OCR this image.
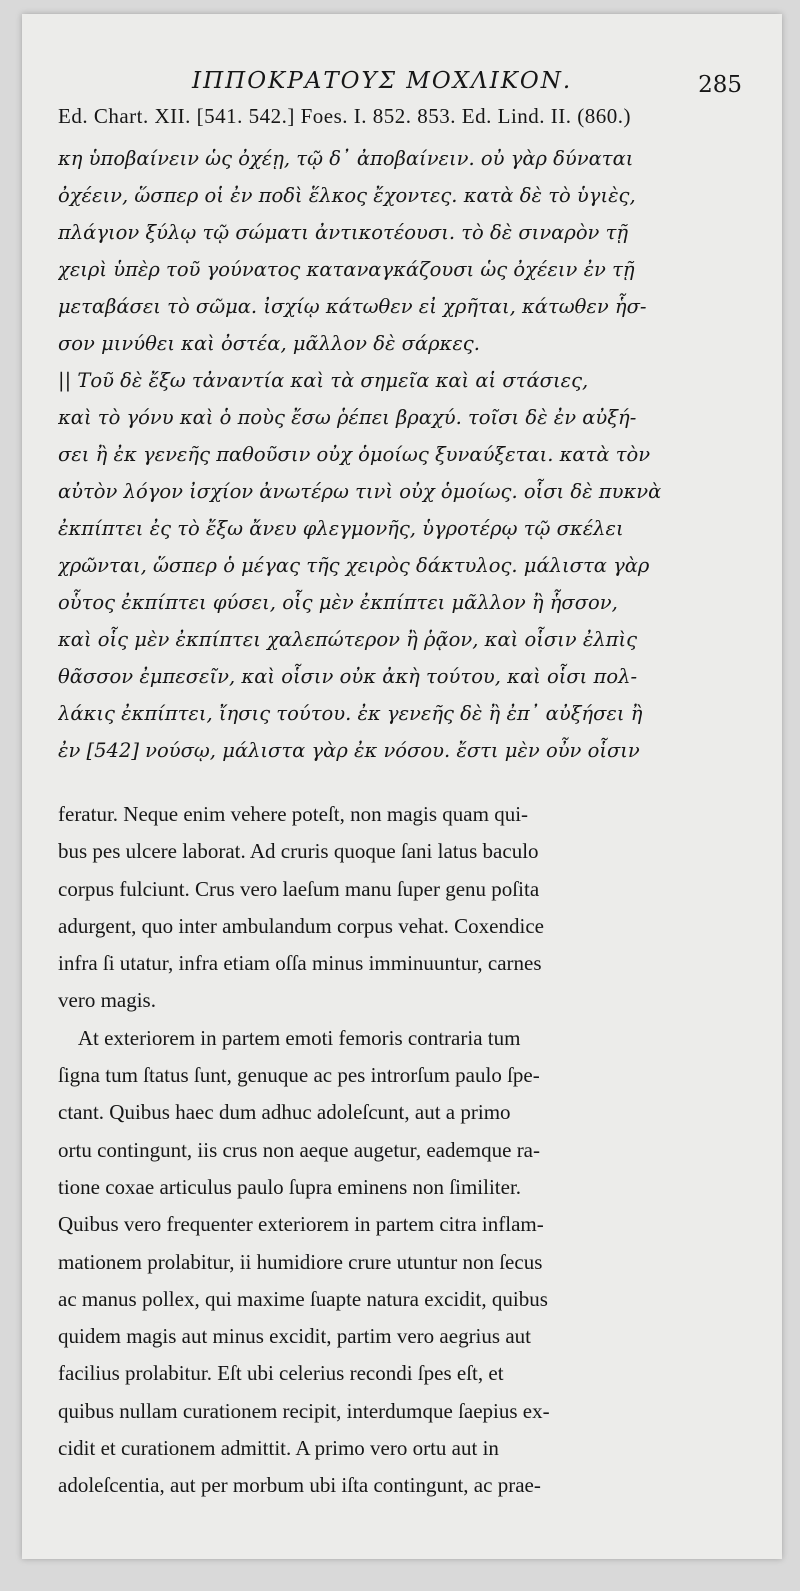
ΙΠΠΟΚΡΑΤΟΥΣ ΜΟΧΛΙΚΟΝ.	285
Ed. Chart. XII. [541. 542.] Foes. I. 852. 853. Ed. Lind. II. (860.)
κη ὑποβαίνειν ὡς ὀχέῃ, τῷ δ᾽ ἀποβαίνειν. οὐ γὰρ δύναται
ὀχέειν, ὥσπερ οἱ ἐν ποδὶ ἕλκος ἔχοντες. κατὰ δὲ τὸ ὑγιὲς,
πλάγιον ξύλῳ τῷ σώματι ἀντικοτέουσι. τὸ δὲ σιναρὸν τῇ
χειρὶ ὑπὲρ τοῦ γούνατος καταναγκάζουσι ὡς ὀχέειν ἐν τῇ
μεταβάσει τὸ σῶμα. ἰσχίῳ κάτωθεν εἰ χρῆται, κάτωθεν ἧσ-
σον μινύθει καὶ ὀστέα, μᾶλλον δὲ σάρκες.
|| Τοῦ δὲ ἔξω τἀναντία καὶ τὰ σημεῖα καὶ αἱ στάσιες,
καὶ τὸ γόνυ καὶ ὁ ποὺς ἔσω ῥέπει βραχύ. τοῖσι δὲ ἐν αὐξή-
σει ἢ ἐκ γενεῆς παθοῦσιν οὐχ ὁμοίως ξυναύξεται. κατὰ τὸν
αὐτὸν λόγον ἰσχίον ἀνωτέρω τινὶ οὐχ ὁμοίως. οἷσι δὲ πυκνὰ
ἐκπίπτει ἐς τὸ ἔξω ἄνευ φλεγμονῆς, ὑγροτέρῳ τῷ σκέλει
χρῶνται, ὥσπερ ὁ μέγας τῆς χειρὸς δάκτυλος. μάλιστα γὰρ
οὗτος ἐκπίπτει φύσει, οἷς μὲν ἐκπίπτει μᾶλλον ἢ ἧσσον,
καὶ οἷς μὲν ἐκπίπτει χαλεπώτερον ἢ ῥᾷον, καὶ οἷσιν ἐλπὶς
θᾶσσον ἐμπεσεῖν, καὶ οἷσιν οὐκ ἀκὴ τούτου, καὶ οἷσι πολ-
λάκις ἐκπίπτει, ἴησις τούτου. ἐκ γενεῆς δὲ ἢ ἐπ᾽ αὐξήσει ἢ
ἐν [542] νούσῳ, μάλιστα γὰρ ἐκ νόσου. ἔστι μὲν οὖν οἷσιν
feratur. Neque enim vehere poteſt, non magis quam qui-
bus pes ulcere laborat. Ad cruris quoque ſani latus baculo
corpus fulciunt. Crus vero laeſum manu ſuper genu poſita
adurgent, quo inter ambulandum corpus vehat. Coxendice
infra ſi utatur, infra etiam oſſa minus imminuuntur, carnes
vero magis.
At exteriorem in partem emoti femoris contraria tum
ſigna tum ſtatus ſunt, genuque ac pes introrſum paulo ſpe-
ctant. Quibus haec dum adhuc adoleſcunt, aut a primo
ortu contingunt, iis crus non aeque augetur, eademque ra-
tione coxae articulus paulo ſupra eminens non ſimiliter.
Quibus vero frequenter exteriorem in partem citra inflam-
mationem prolabitur, ii humidiore crure utuntur non ſecus
ac manus pollex, qui maxime ſuapte natura excidit, quibus
quidem magis aut minus excidit, partim vero aegrius aut
facilius prolabitur. Eſt ubi celerius recondi ſpes eſt, et
quibus nullam curationem recipit, interdumque ſaepius ex-
cidit et curationem admittit. A primo vero ortu aut in
adoleſcentia, aut per morbum ubi iſta contingunt, ac prae-
